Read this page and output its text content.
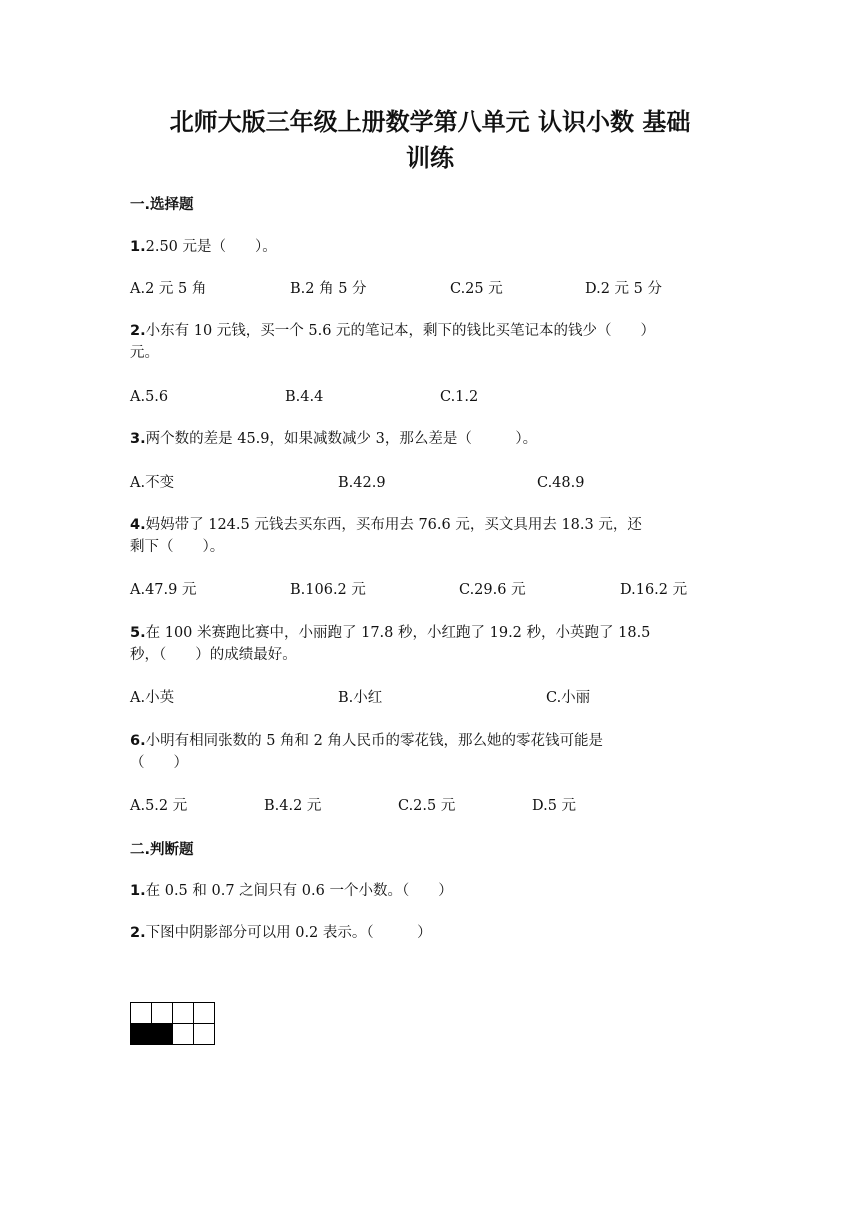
北师大版三年级上册数学第八单元 认识小数 基础
训练
一.选择题

1.2.50 元是（　　）。

A.2 元 5 角	B.2 角 5 分	C.25 元	D.2 元 5 分

2.小东有 10 元钱，买一个 5.6 元的笔记本，剩下的钱比买笔记本的钱少（　　）
元。

A.5.6	B.4.4	C.1.2

3.两个数的差是 45.9，如果减数减少 3，那么差是（　　　）。

A.不变	B.42.9	C.48.9

4.妈妈带了 124.5 元钱去买东西，买布用去 76.6 元，买文具用去 18.3 元，还
剩下（　　）。

A.47.9 元	B.106.2 元	C.29.6 元	D.16.2 元

5.在 100 米赛跑比赛中，小丽跑了 17.8 秒，小红跑了 19.2 秒，小英跑了 18.5
秒，（　　）的成绩最好。

A.小英	B.小红	C.小丽

6.小明有相同张数的 5 角和 2 角人民币的零花钱，那么她的零花钱可能是
（　　）

A.5.2 元	B.4.2 元	C.2.5 元	D.5 元
二.判断题

1.在 0.5 和 0.7 之间只有 0.6 一个小数。（　　）

2.下图中阴影部分可以用 0.2 表示。（　　　）
